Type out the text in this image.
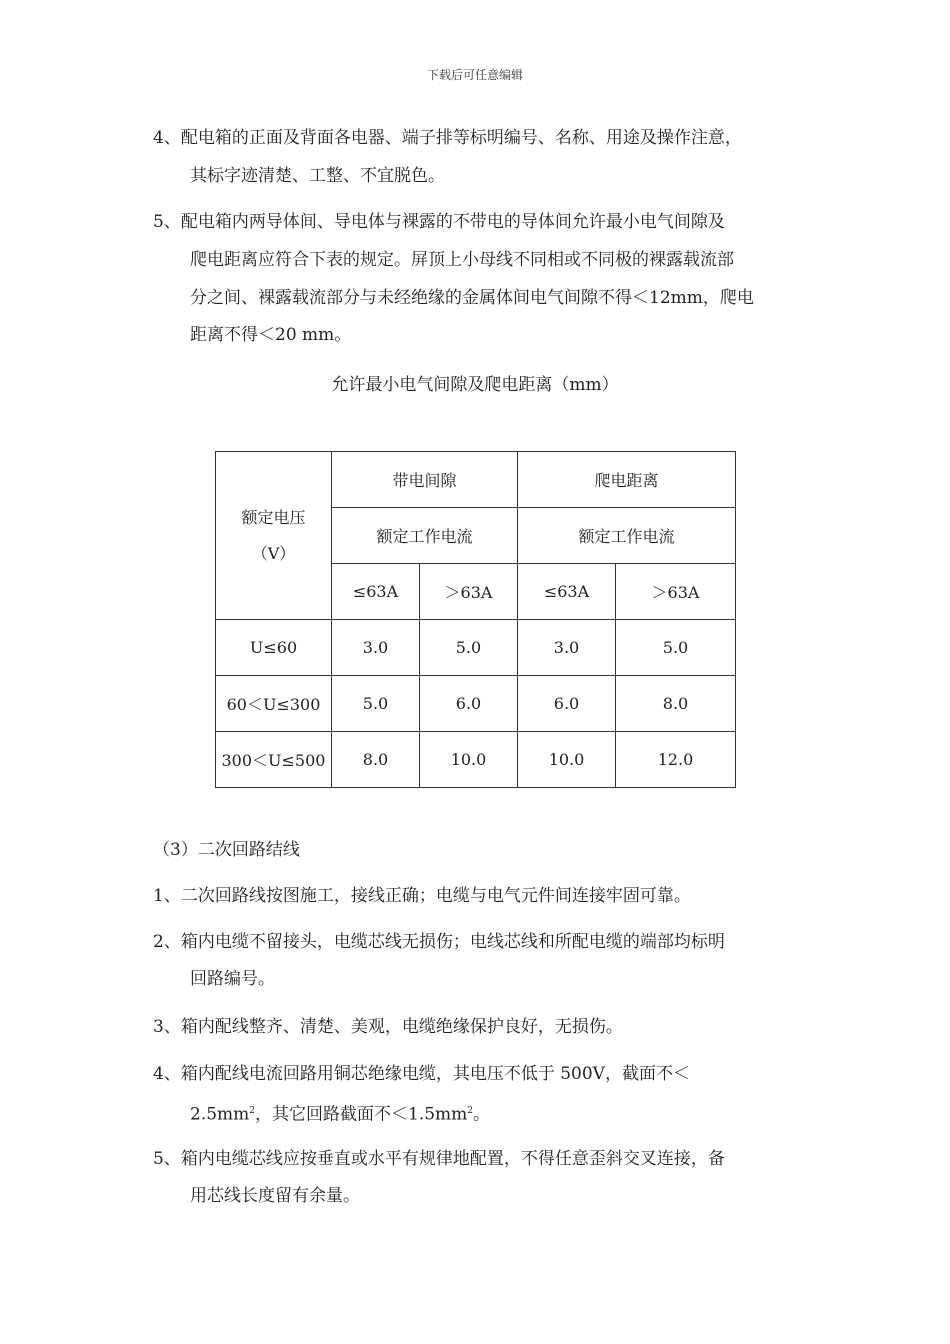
下载后可任意编辑
4、配电箱的正面及背面各电器、端子排等标明编号、名称、用途及操作注意，
其标字迹清楚、工整、不宜脱色。
5、配电箱内两导体间、导电体与裸露的不带电的导体间允许最小电气间隙及
爬电距离应符合下表的规定。屏顶上小母线不同相或不同极的裸露载流部
分之间、裸露载流部分与未经绝缘的金属体间电气间隙不得＜12mm，爬电
距离不得＜20 mm。
允许最小电气间隙及爬电距离（mm）
额定电压
（V）	带电间隙		爬电距离	
	额定工作电流		额定工作电流	
	≤63A	＞63A	≤63A	＞63A
U≤60	3.0	5.0	3.0	5.0
60＜U≤300	5.0	6.0	6.0	8.0
300＜U≤500	8.0	10.0	10.0	12.0
（3）二次回路结线
1、二次回路线按图施工，接线正确；电缆与电气元件间连接牢固可靠。
2、箱内电缆不留接头，电缆芯线无损伤；电线芯线和所配电缆的端部均标明
回路编号。
3、箱内配线整齐、清楚、美观，电缆绝缘保护良好，无损伤。
4、箱内配线电流回路用铜芯绝缘电缆，其电压不低于 500V，截面不＜
$2.5mm^2$，其它回路截面不$<1.5mm^2$。
5、箱内电缆芯线应按垂直或水平有规律地配置，不得任意歪斜交叉连接，备
用芯线长度留有余量。
